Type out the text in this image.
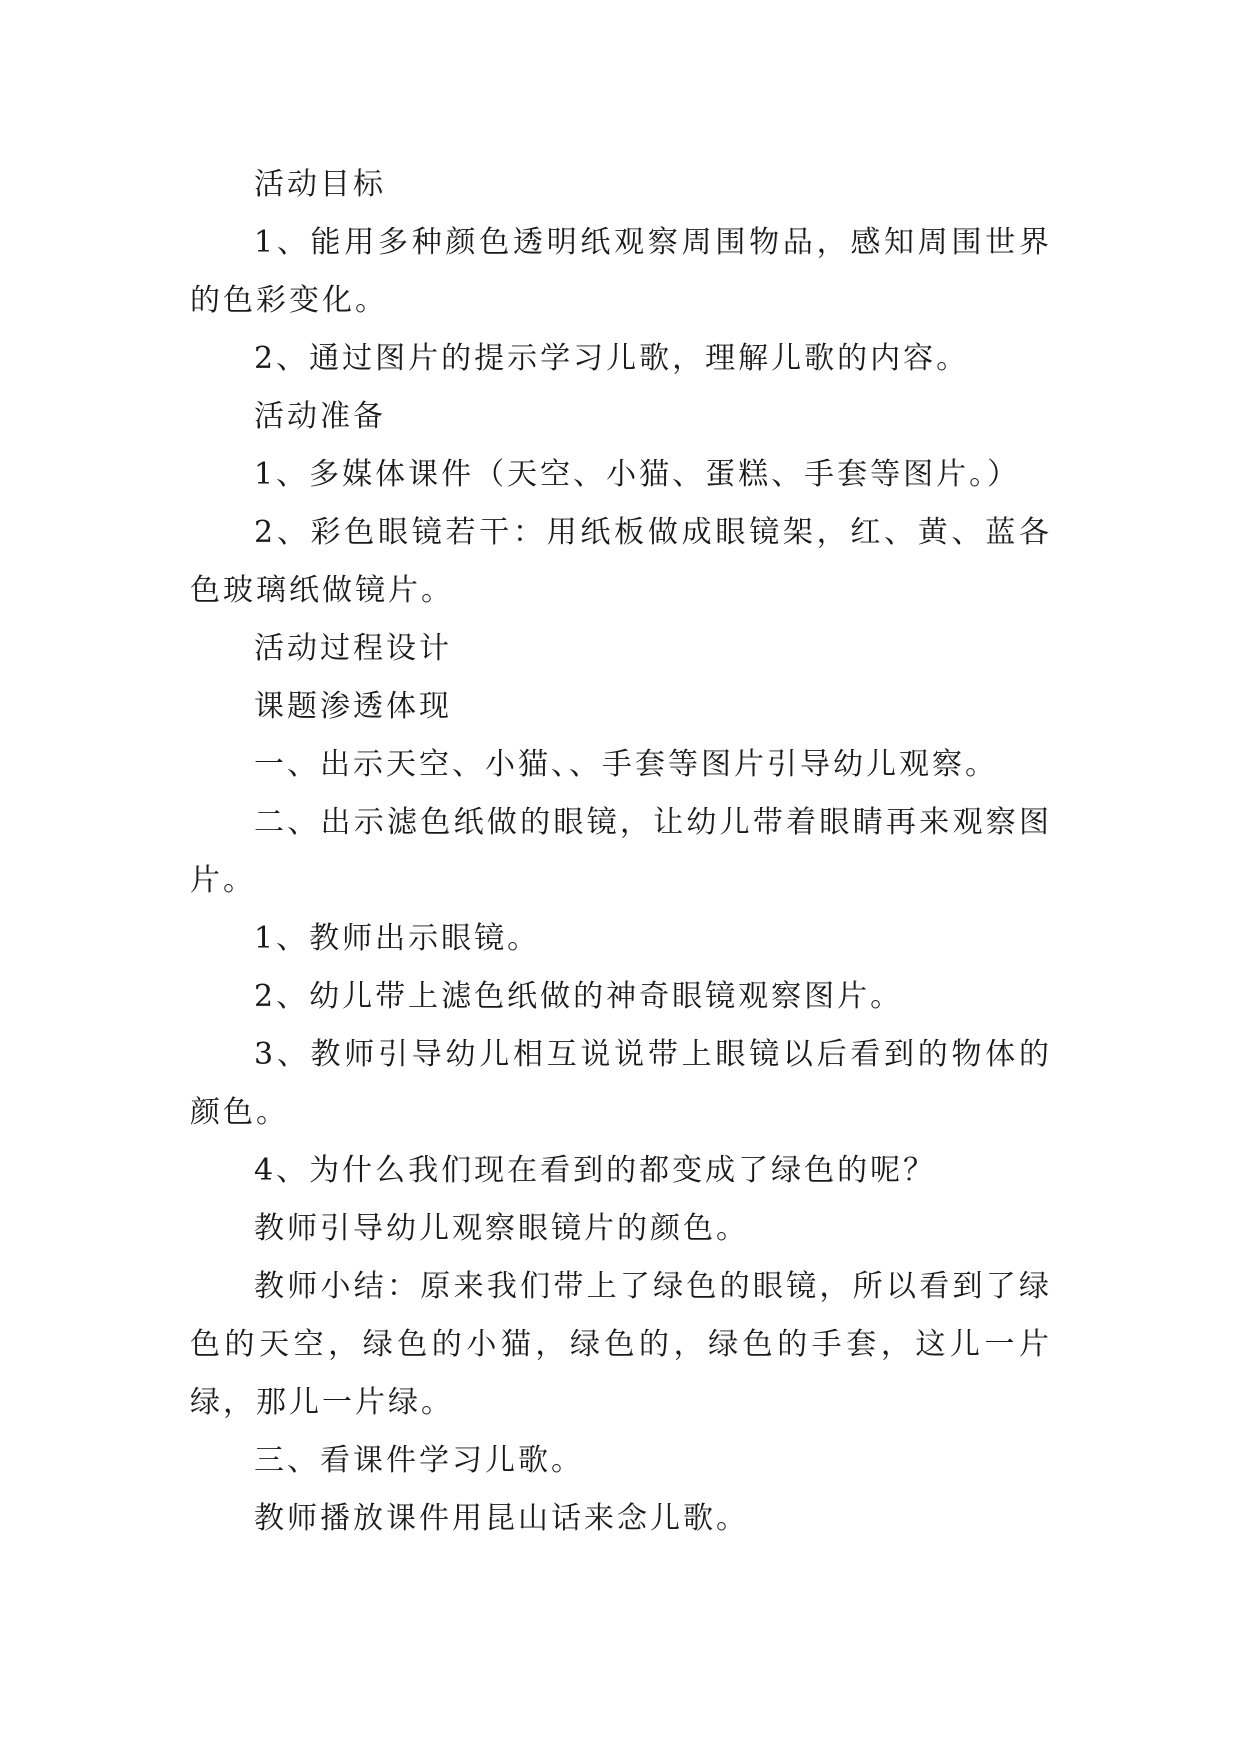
活动目标

1、能用多种颜色透明纸观察周围物品，感知周围世界的色彩变化。

2、通过图片的提示学习儿歌，理解儿歌的内容。

活动准备

1、多媒体课件（天空、小猫、蛋糕、手套等图片。）

2、彩色眼镜若干：用纸板做成眼镜架，红、黄、蓝各色玻璃纸做镜片。

活动过程设计

课题渗透体现

一、出示天空、小猫、、手套等图片引导幼儿观察。

二、出示滤色纸做的眼镜，让幼儿带着眼睛再来观察图片。

1、教师出示眼镜。

2、幼儿带上滤色纸做的神奇眼镜观察图片。

3、教师引导幼儿相互说说带上眼镜以后看到的物体的颜色。

4、为什么我们现在看到的都变成了绿色的呢？

教师引导幼儿观察眼镜片的颜色。

教师小结：原来我们带上了绿色的眼镜，所以看到了绿色的天空，绿色的小猫，绿色的，绿色的手套，这儿一片绿，那儿一片绿。

三、看课件学习儿歌。

教师播放课件用昆山话来念儿歌。
